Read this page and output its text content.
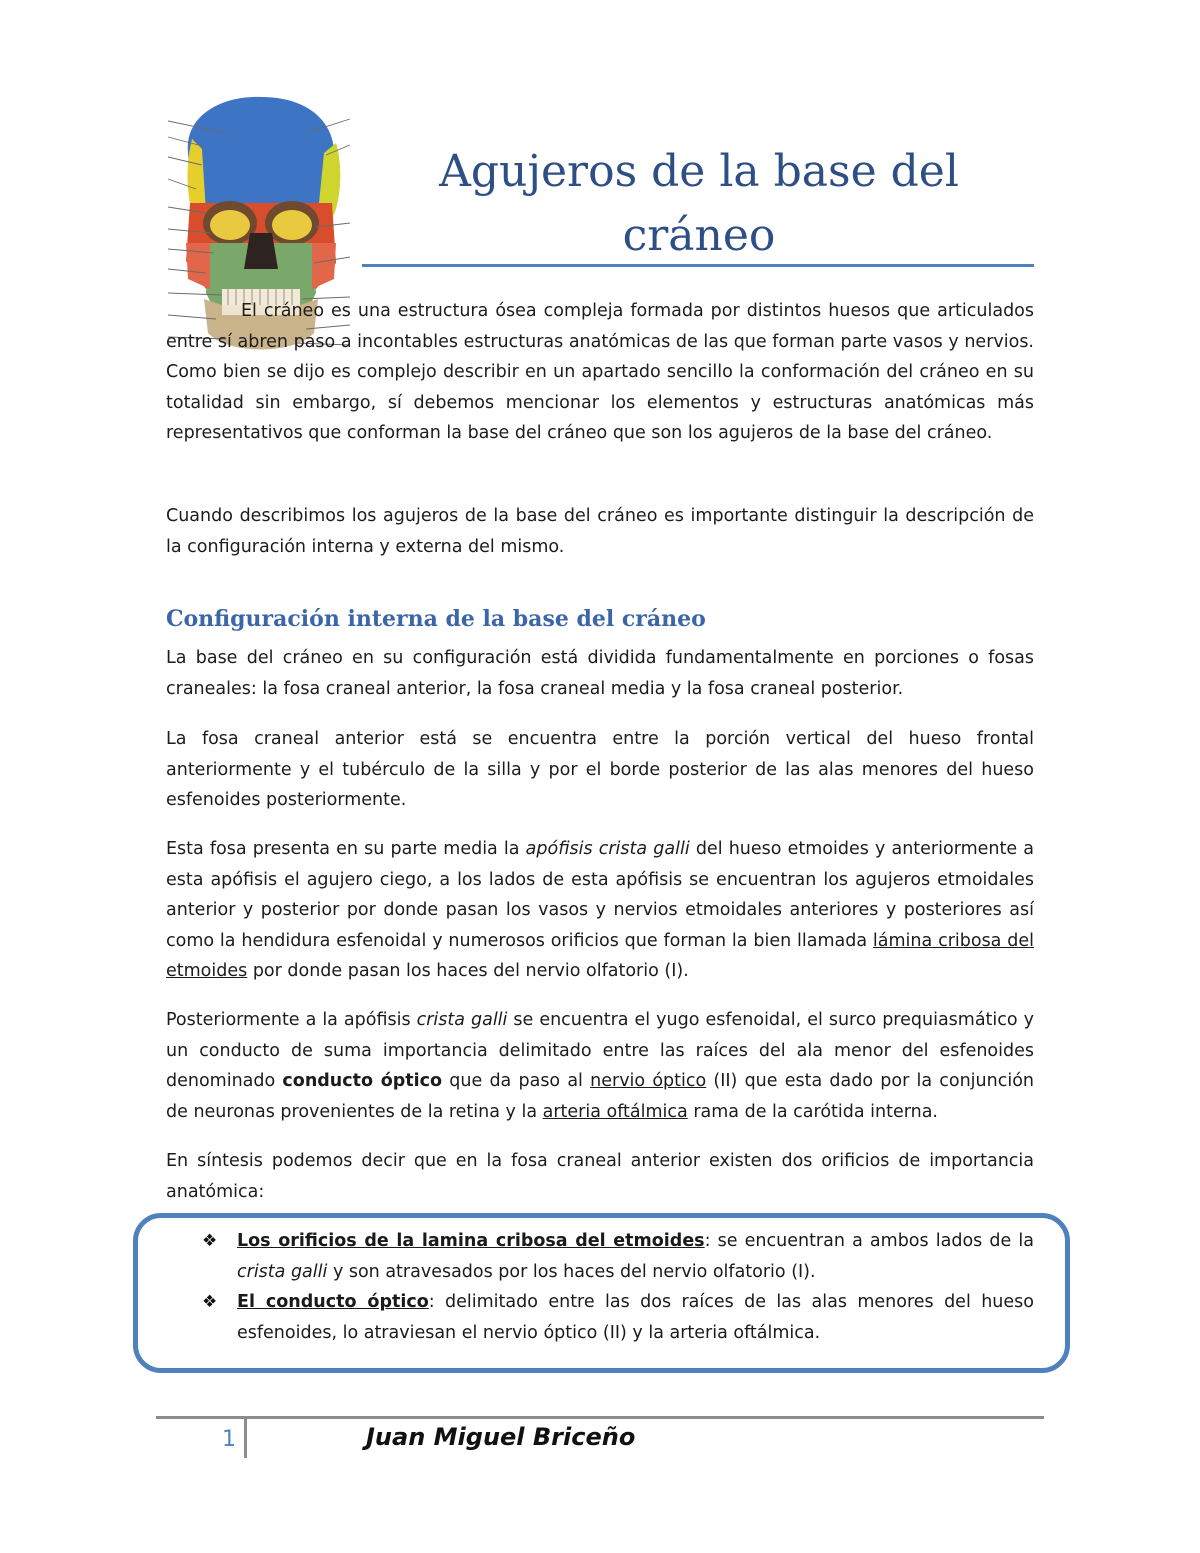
Agujeros de la base del cráneo

El cráneo es una estructura ósea compleja formada por distintos huesos que articulados entre sí abren paso a incontables estructuras anatómicas de las que forman parte vasos y nervios. Como bien se dijo es complejo describir en un apartado sencillo la conformación del cráneo en su totalidad sin embargo, sí debemos mencionar los elementos y estructuras anatómicas más representativos que conforman la base del cráneo que son los agujeros de la base del cráneo.

Cuando describimos los agujeros de la base del cráneo es importante distinguir la descripción de la configuración interna y externa del mismo.

Configuración interna de la base del cráneo

La base del cráneo en su configuración está dividida fundamentalmente en porciones o fosas craneales: la fosa craneal anterior, la fosa craneal media y la fosa craneal posterior.

La fosa craneal anterior está se encuentra entre la porción vertical del hueso frontal anteriormente y el tubérculo de la silla y por el borde posterior de las alas menores del hueso esfenoides posteriormente.

Esta fosa presenta en su parte media la apófisis crista galli del hueso etmoides y anteriormente a esta apófisis el agujero ciego, a los lados de esta apófisis se encuentran los agujeros etmoidales anterior y posterior por donde pasan los vasos y nervios etmoidales anteriores y posteriores así como la hendidura esfenoidal y numerosos orificios que forman la bien llamada lámina cribosa del etmoides por donde pasan los haces del nervio olfatorio (I).

Posteriormente a la apófisis crista galli se encuentra el yugo esfenoidal, el surco prequiasmático y un conducto de suma importancia delimitado entre las raíces del ala menor del esfenoides denominado conducto óptico que da paso al nervio óptico (II) que esta dado por la conjunción de neuronas provenientes de la retina y la arteria oftálmica rama de la carótida interna.

En síntesis podemos decir que en la fosa craneal anterior existen dos orificios de importancia anatómica:

❖ Los orificios de la lamina cribosa del etmoides: se encuentran a ambos lados de la crista galli y son atravesados por los haces del nervio olfatorio (I).
❖ El conducto óptico: delimitado entre las dos raíces de las alas menores del hueso esfenoides, lo atraviesan el nervio óptico (II) y la arteria oftálmica.
1	Juan Miguel Briceño
